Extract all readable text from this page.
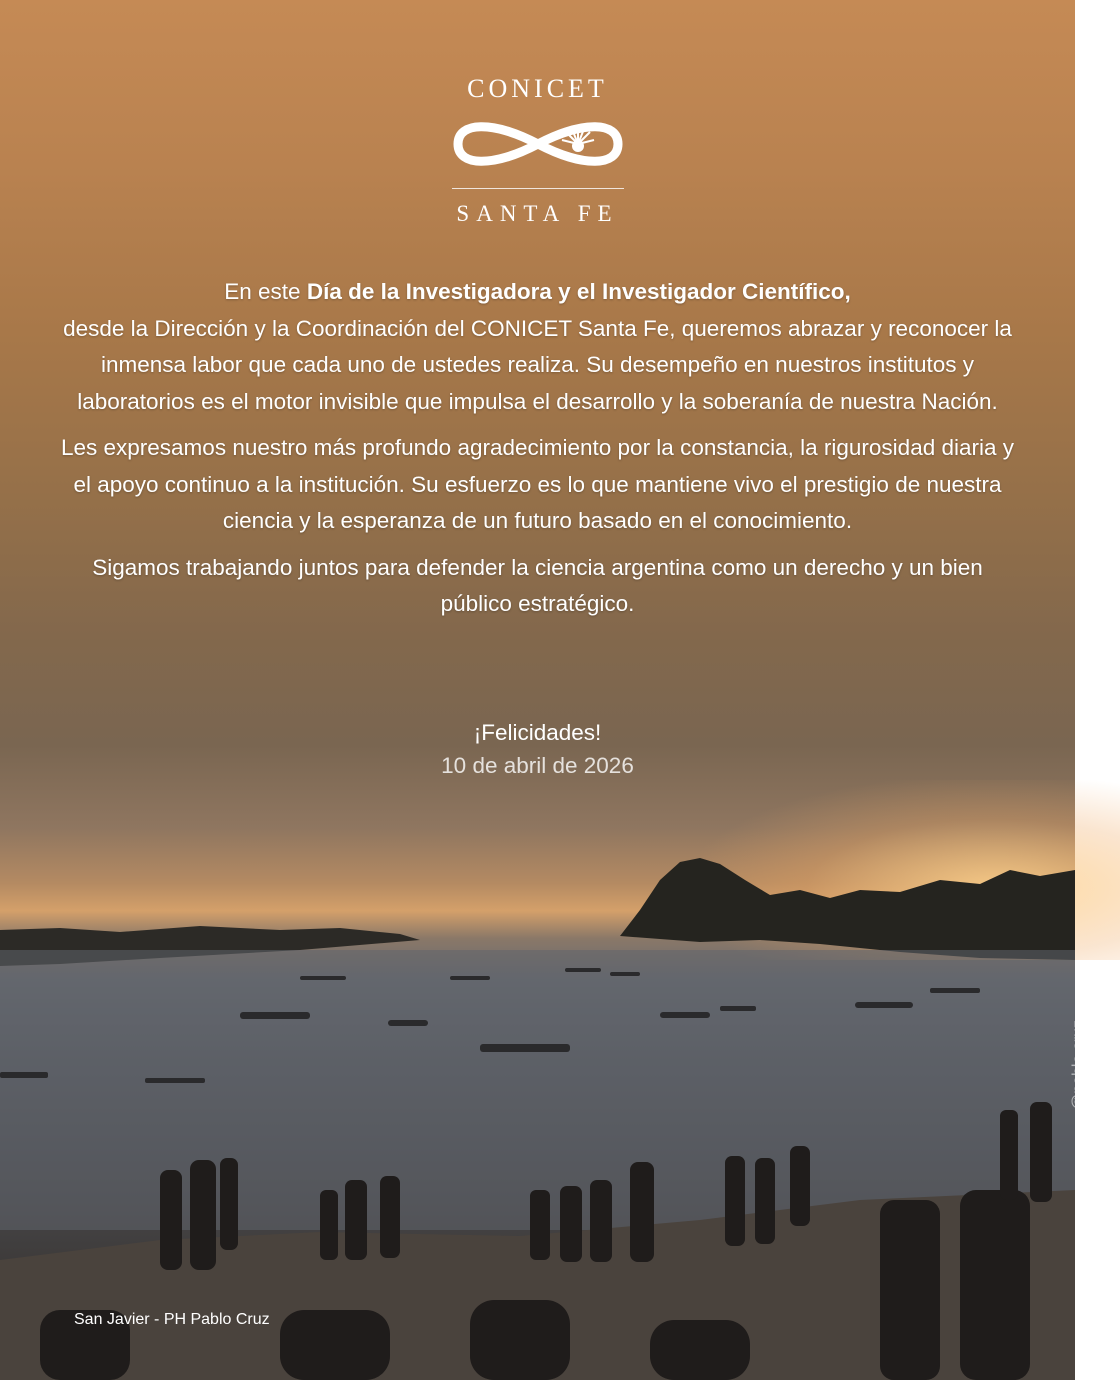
CONICET
SANTA FE

En este Día de la Investigadora y el Investigador Científico,
desde la Dirección y la Coordinación del CONICET Santa Fe, queremos abrazar y reconocer la inmensa labor que cada uno de ustedes realiza. Su desempeño en nuestros institutos y laboratorios es el motor invisible que impulsa el desarrollo y la soberanía de nuestra Nación.

Les expresamos nuestro más profundo agradecimiento por la constancia, la rigurosidad diaria y el apoyo continuo a la institución. Su esfuerzo es lo que mantiene vivo el prestigio de nuestra ciencia y la esperanza de un futuro basado en el conocimiento.

Sigamos trabajando juntos para defender la ciencia argentina como un derecho y un bien público estratégico.

¡Felicidades!
10 de abril de 2026
San Javier - PH Pablo Cruz
@pablo.cruz
